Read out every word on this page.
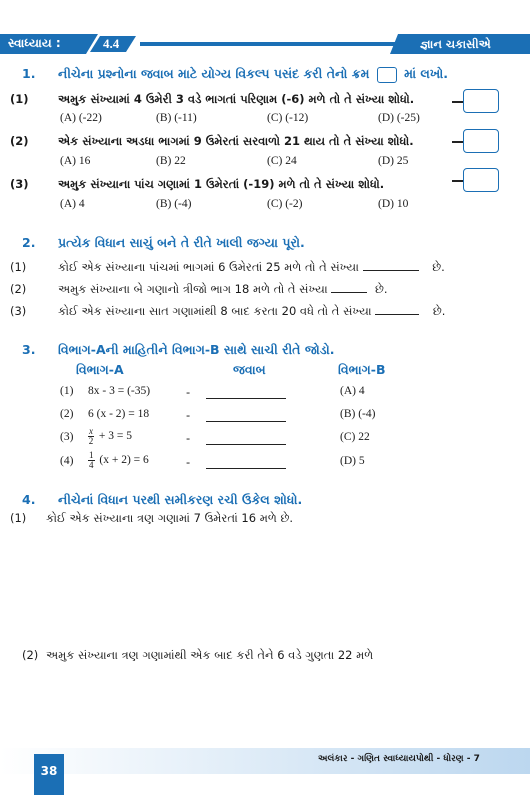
સ્વાધ્યાય :	4.4	જ્ઞાન ચકાસીએ
1. નીચેના પ્રશ્નોના જવાબ માટે યોગ્ય વિકલ્પ પસંદ કરી તેનો ક્રમ	માં લખો.
(1)	અમુક સંખ્યામાં 4 ઉમેરી 3 વડે ભાગતાં પરિણામ (-6) મળે તો તે સંખ્યા શોધો.
(A) (-22)	(B) (-11)	(C) (-12)	(D) (-25)
(2)	એક સંખ્યાના અડધા ભાગમાં 9 ઉમેરતાં સરવાળો 21 થાય તો તે સંખ્યા શોધો.
(A) 16	(B) 22	(C) 24	(D) 25
(3)	અમુક સંખ્યાના પાંચ ગણામાં 1 ઉમેરતાં (-19) મળે તો તે સંખ્યા શોધો.
(A) 4	(B) (-4)	(C) (-2)	(D) 10
2. પ્રત્યેક વિધાન સાચું બને તે રીતે ખાલી જગ્યા પૂરો.
(1)	કોઈ એક સંખ્યાના પાંચમાં ભાગમાં 6 ઉમેરતાં 25 મળે તો તે સંખ્યા	છે.
(2)	અમુક સંખ્યાના બે ગણાનો ત્રીજો ભાગ 18 મળે તો તે સંખ્યા	છે.
(3)	કોઈ એક સંખ્યાના સાત ગણામાંથી 8 બાદ કરતા 20 વધે તો તે સંખ્યા	છે.
3. વિભાગ-Aની માહિતીને વિભાગ-B સાથે સાચી રીતે જોડો.
વિભાગ-A	જવાબ	વિભાગ-B
(1) 8x - 3 = (-35)	-	(A) 4
(2) 6 (x - 2) = 18	-	(B) (-4)
$(3) \frac{x}{2} + 3 = 5$	-	(C) 22
$(4) \frac{1}{4} (x + 2) = 6$	-	(D) 5
4. નીચેનાં વિધાન પરથી સમીકરણ રચી ઉકેલ શોધો.
(1) કોઈ એક સંખ્યાના ત્રણ ગણામાં 7 ઉમેરતાં 16 મળે છે.
(2) અમુક સંખ્યાના ત્રણ ગણામાંથી એક બાદ કરી તેને 6 વડે ગુણતા 22 મળે
અલંકાર - ગણિત સ્વાધ્યાયપોથી - ધોરણ - 7
38
